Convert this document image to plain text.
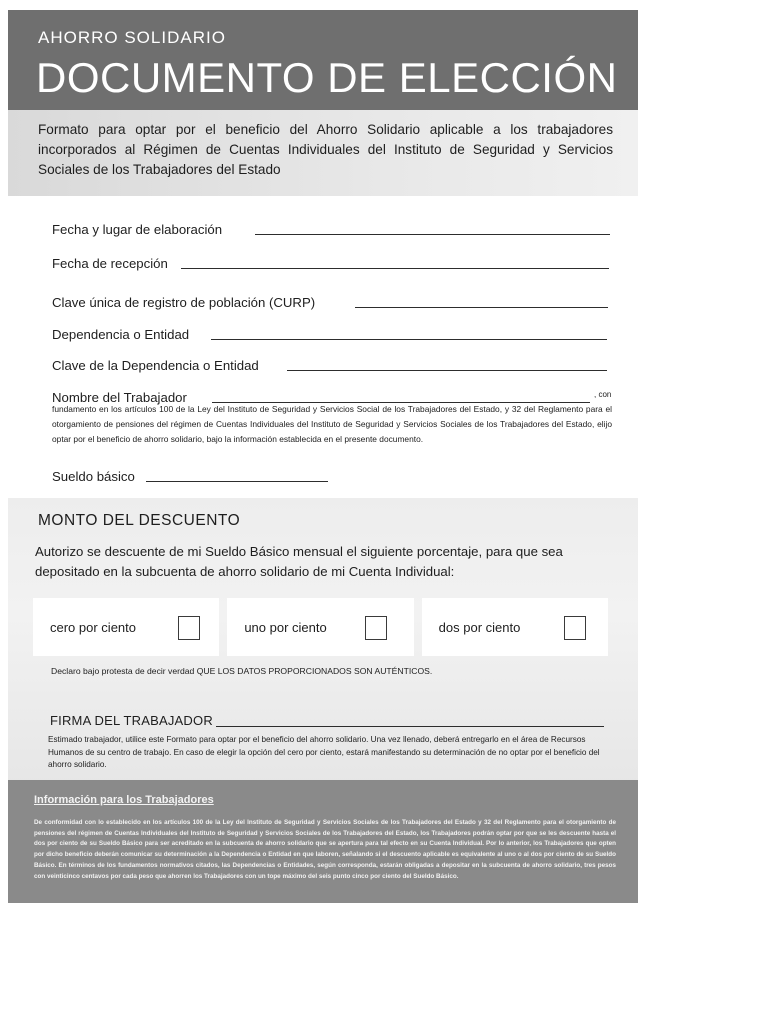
AHORRO SOLIDARIO
DOCUMENTO DE ELECCIÓN

Formato para optar por el beneficio del Ahorro Solidario aplicable a los trabajadores incorporados al Régimen de Cuentas Individuales del Instituto de Seguridad y Servicios Sociales de los Trabajadores del Estado

Fecha y lugar de elaboración
Fecha de recepción
Clave única de registro de población (CURP)
Dependencia o Entidad
Clave de la Dependencia o Entidad
Nombre del Trabajador	, con

fundamento en los artículos 100 de la Ley del Instituto de Seguridad y Servicios Social de los Trabajadores del Estado, y 32 del Reglamento para el otorgamiento de pensiones del régimen de Cuentas Individuales del Instituto de Seguridad y Servicios Sociales de los Trabajadores del Estado, elijo optar por el beneficio de ahorro solidario, bajo la información establecida en el presente documento.

Sueldo básico
MONTO DEL DESCUENTO

Autorizo se descuente de mi Sueldo Básico mensual el siguiente porcentaje, para que sea depositado en la subcuenta de ahorro solidario de mi Cuenta Individual:

cero por ciento	uno por ciento	dos por ciento
Declaro bajo protesta de decir verdad QUE LOS DATOS PROPORCIONADOS SON AUTÉNTICOS.
FIRMA DEL TRABAJADOR

Estimado trabajador, utilice este Formato para optar por el beneficio del ahorro solidario. Una vez llenado, deberá entregarlo en el área de Recursos Humanos de su centro de trabajo. En caso de elegir la opción del cero por ciento, estará manifestando su determinación de no optar por el beneficio del ahorro solidario.

Información para los Trabajadores

De conformidad con lo establecido en los artículos 100 de la Ley del Instituto de Seguridad y Servicios Sociales de los Trabajadores del Estado y 32 del Reglamento para el otorgamiento de pensiones del régimen de Cuentas Individuales del Instituto de Seguridad y Servicios Sociales de los Trabajadores del Estado, los Trabajadores podrán optar por que se les descuente hasta el dos por ciento de su Sueldo Básico para ser acreditado en la subcuenta de ahorro solidario que se apertura para tal efecto en su Cuenta Individual. Por lo anterior, los Trabajadores que opten por dicho beneficio deberán comunicar su determinación a la Dependencia o Entidad en que laboren, señalando si el descuento aplicable es equivalente al uno o al dos por ciento de su Sueldo Básico. En términos de los fundamentos normativos citados, las Dependencias o Entidades, según corresponda, estarán obligadas a depositar en la subcuenta de ahorro solidario, tres pesos con veinticinco centavos por cada peso que ahorren los Trabajadores con un tope máximo del seis punto cinco por ciento del Sueldo Básico.
